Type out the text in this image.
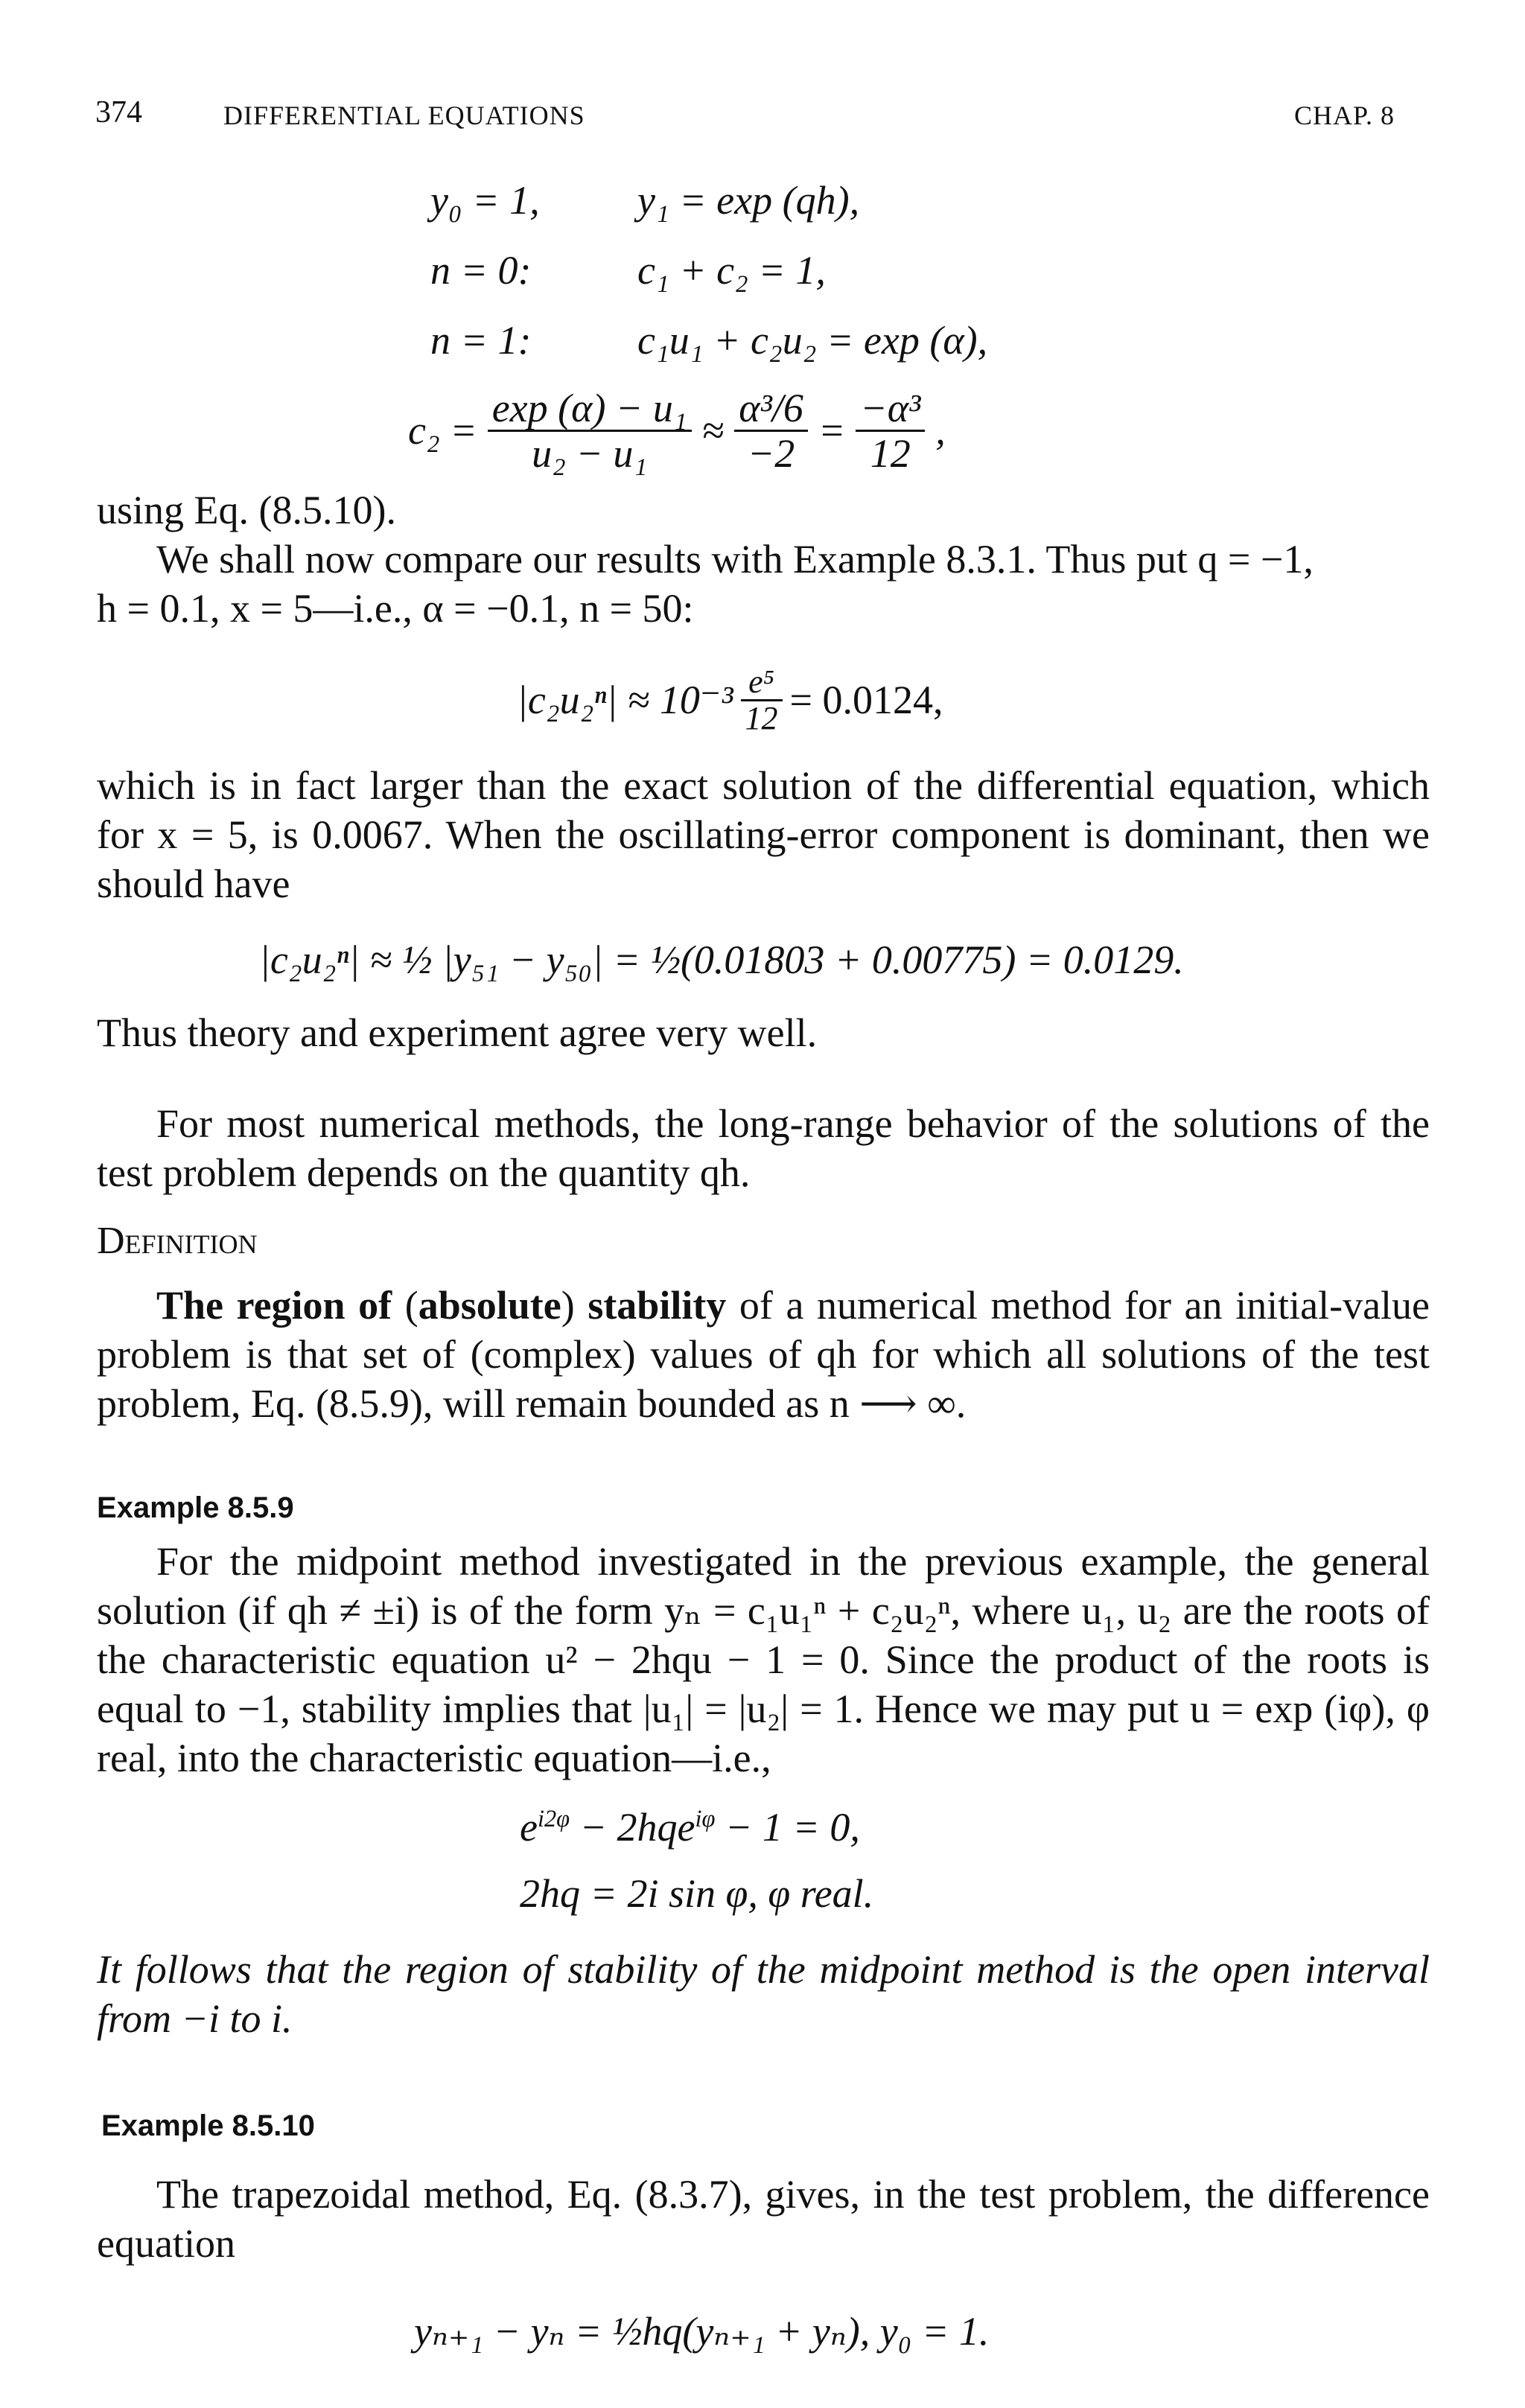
374	DIFFERENTIAL EQUATIONS	CHAP. 8
y₀ = 1, y₁ = exp (qh),
n = 0:	c₁ + c₂ = 1,
n = 1:	c₁u₁ + c₂u₂ = exp (α),
$c_2 = \frac{\text{exp (α) − u₁}}{\text{u₂ − u₁}} \approx \frac{\text{α³/6}}{-2} = \frac{\text{−α³}}{12}$ ,
using Eq. (8.5.10).
We shall now compare our results with Example 8.3.1. Thus put q = −1,
h = 0.1, x = 5—i.e., α = −0.1, n = 50:
$|c_2u_2^n| \approx 10^{-3} \frac{\text{e⁵}}{12} = 0.0124$,
which is in fact larger than the exact solution of the differential equation, which for x = 5, is 0.0067. When the oscillating-error component is dominant, then we should have
|c₂u₂ⁿ| ≈ ½ |y₅₁ − y₅₀| = ½(0.01803 + 0.00775) = 0.0129.
Thus theory and experiment agree very well.
For most numerical methods, the long-range behavior of the solutions of the test problem depends on the quantity qh.
Definition
The region of (absolute) stability of a numerical method for an initial-value problem is that set of (complex) values of qh for which all solutions of the test problem, Eq. (8.5.9), will remain bounded as n ⟶ ∞.
Example 8.5.9
For the midpoint method investigated in the previous example, the general solution (if qh ≠ ±i) is of the form yₙ = c₁u₁ⁿ + c₂u₂ⁿ, where u₁, u₂ are the roots of the characteristic equation u² − 2hqu − 1 = 0. Since the product of the roots is equal to −1, stability implies that |u₁| = |u₂| = 1. Hence we may put u = exp (iφ), φ real, into the characteristic equation—i.e.,
$e^{i2\varphi} - 2hqe^{i\varphi} - 1 = 0$,
2hq = 2i sin φ, φ real.
It follows that the region of stability of the midpoint method is the open interval from −i to i.
Example 8.5.10
The trapezoidal method, Eq. (8.3.7), gives, in the test problem, the difference equation
yₙ₊₁ − yₙ = ½hq(yₙ₊₁ + yₙ), y₀ = 1.
